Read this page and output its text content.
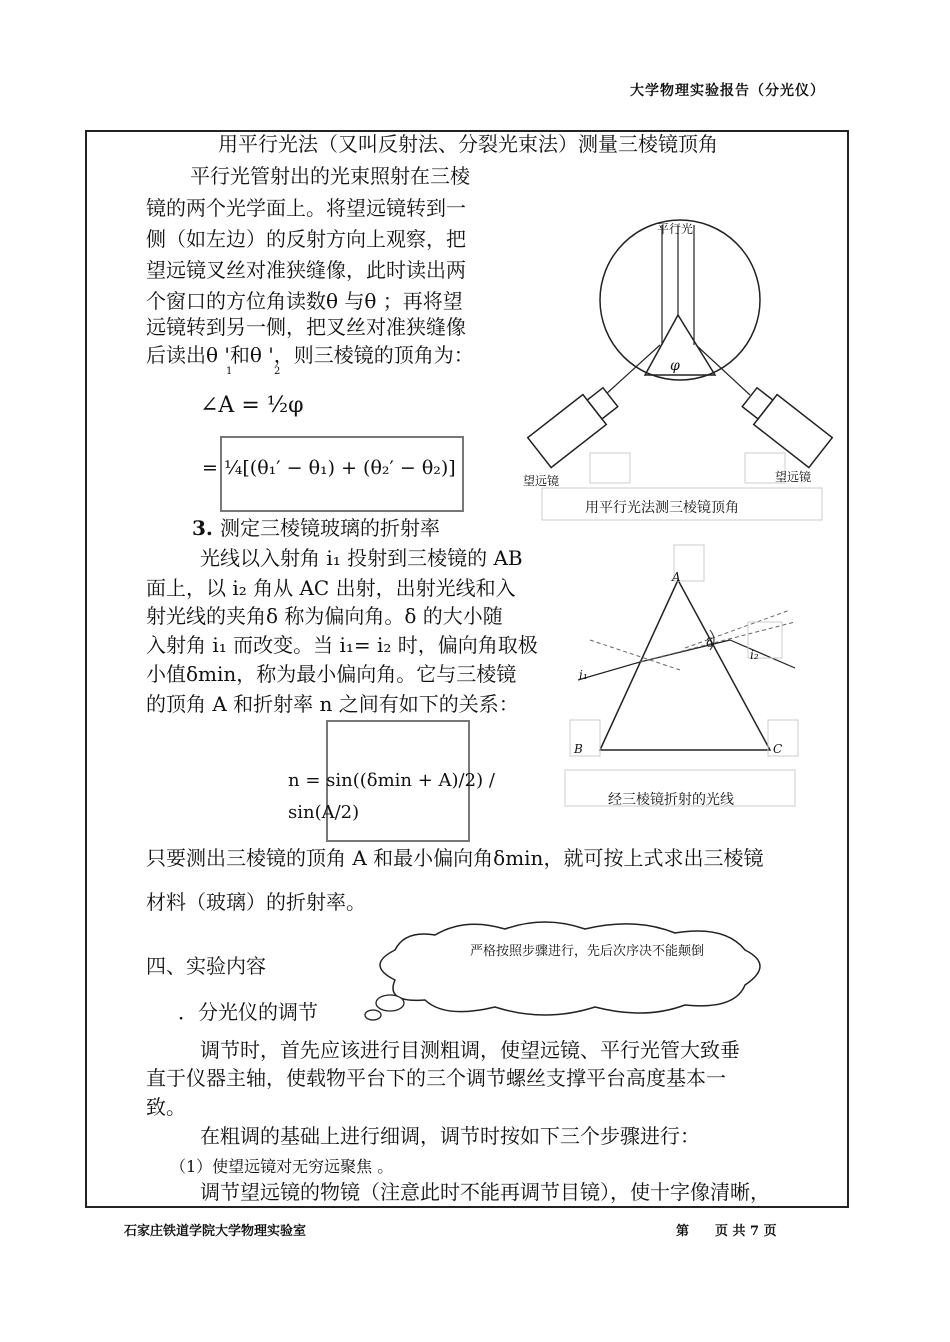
大学物理实验报告（分光仪）
用平行光法（又叫反射法、分裂光束法）测量三棱镜顶角
平行光管射出的光束照射在三棱
镜的两个光学面上。将望远镜转到一
侧（如左边）的反射方向上观察，把
望远镜叉丝对准狭缝像，此时读出两
个窗口的方位角读数θ 与θ ；再将望
远镜转到另一侧，把叉丝对准狭缝像
后读出θ '和θ '，则三棱镜的顶角为：
1	2
∠A = ½φ
= ¼[(θ₁′ − θ₁) + (θ₂′ − θ₂)]
平行光
φ
望远镜	望远镜
用平行光法测三棱镜顶角
3. 测定三棱镜玻璃的折射率
光线以入射角 i₁ 投射到三棱镜的 AB
面上，以 i₂ 角从 AC 出射，出射光线和入
射光线的夹角δ 称为偏向角。δ 的大小随
入射角 i₁ 而改变。当 i₁= i₂ 时，偏向角取极
小值δmin，称为最小偏向角。它与三棱镜
的顶角 A 和折射率 n 之间有如下的关系：
n = sin((δmin + A)/2) / sin(A/2)
A
B	C
δ
i₁
i₂
经三棱镜折射的光线
只要测出三棱镜的顶角 A 和最小偏向角δmin，就可按上式求出三棱镜
材料（玻璃）的折射率。
四、实验内容
严格按照步骤进行，先后次序决不能颠倒
．分光仪的调节
调节时，首先应该进行目测粗调，使望远镜、平行光管大致垂
直于仪器主轴，使载物平台下的三个调节螺丝支撑平台高度基本一
致。
在粗调的基础上进行细调，调节时按如下三个步骤进行：
（1）使望远镜对无穷远聚焦 。
调节望远镜的物镜（注意此时不能再调节目镜），使十字像清晰，
石家庄铁道学院大学物理实验室	第　　页 共 7 页
